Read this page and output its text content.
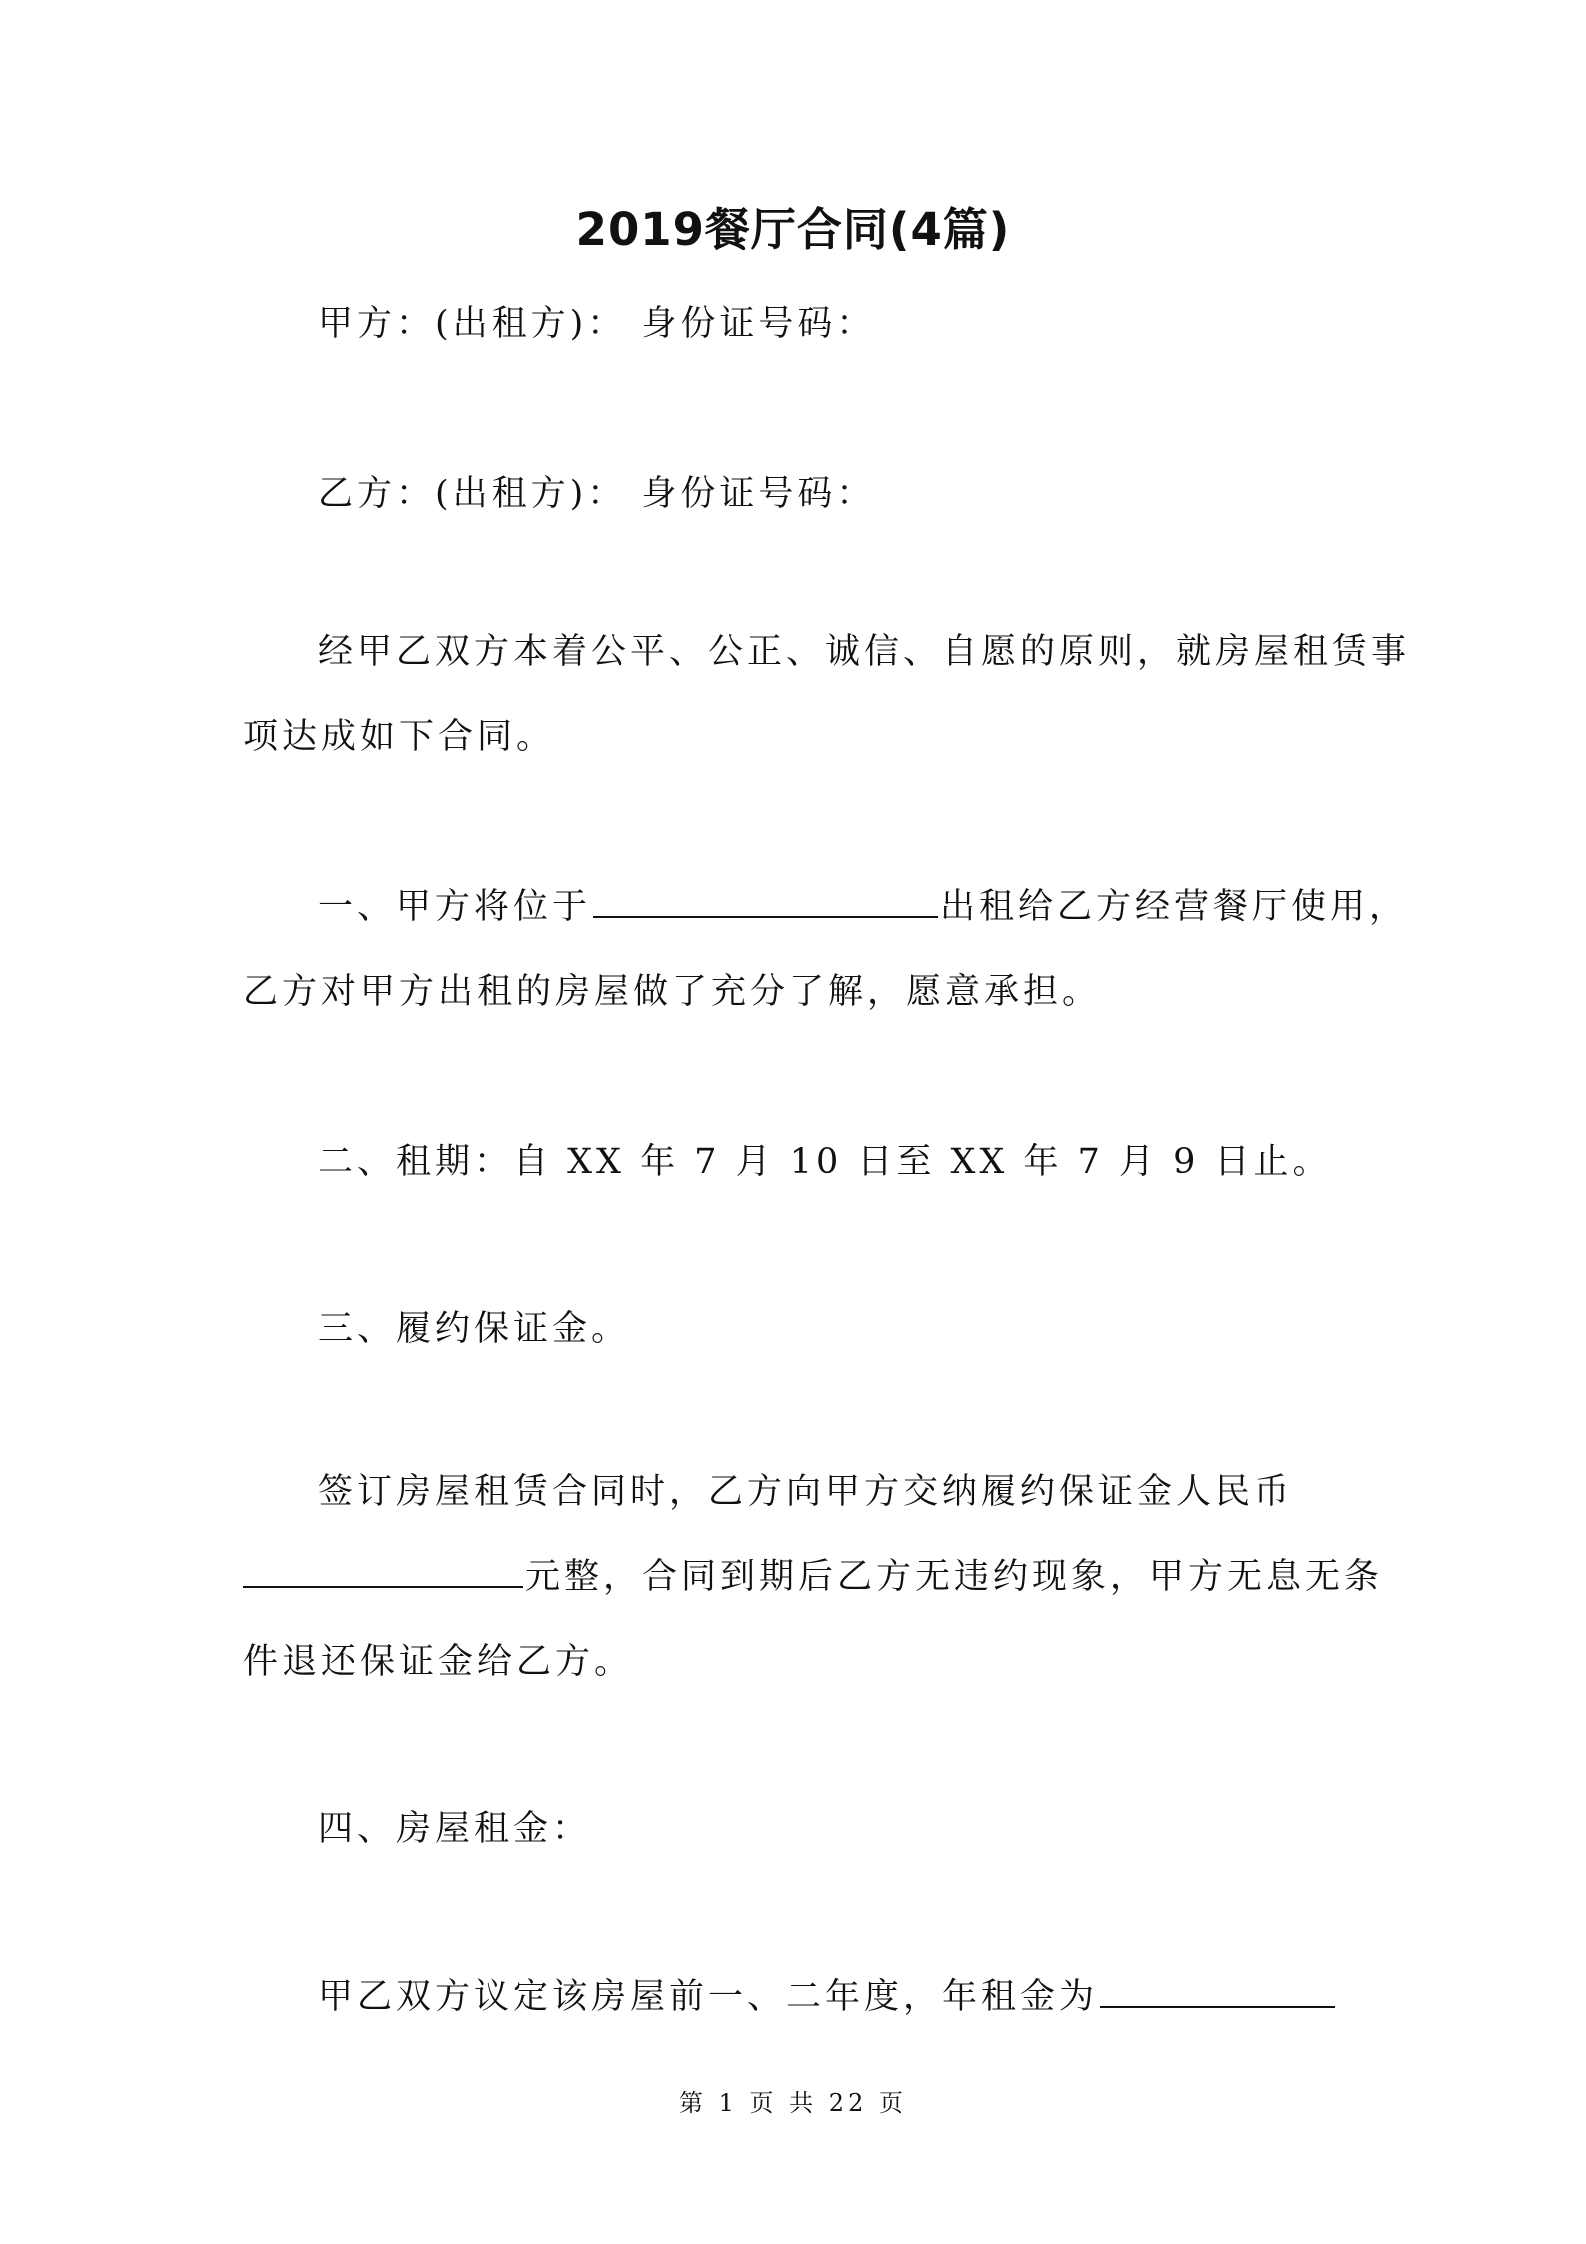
2019餐厅合同(4篇)
甲方：(出租方)： 身份证号码：
乙方：(出租方)： 身份证号码：
经甲乙双方本着公平、公正、诚信、自愿的原则，就房屋租赁事
项达成如下合同。
一、甲方将位于	出租给乙方经营餐厅使用，
乙方对甲方出租的房屋做了充分了解，愿意承担。
二、租期：自 XX 年 7 月 10 日至 XX 年 7 月 9 日止。
三、履约保证金。
签订房屋租赁合同时，乙方向甲方交纳履约保证金人民币
元整，合同到期后乙方无违约现象，甲方无息无条
件退还保证金给乙方。
四、房屋租金：
甲乙双方议定该房屋前一、二年度，年租金为
第 1 页 共 22 页
